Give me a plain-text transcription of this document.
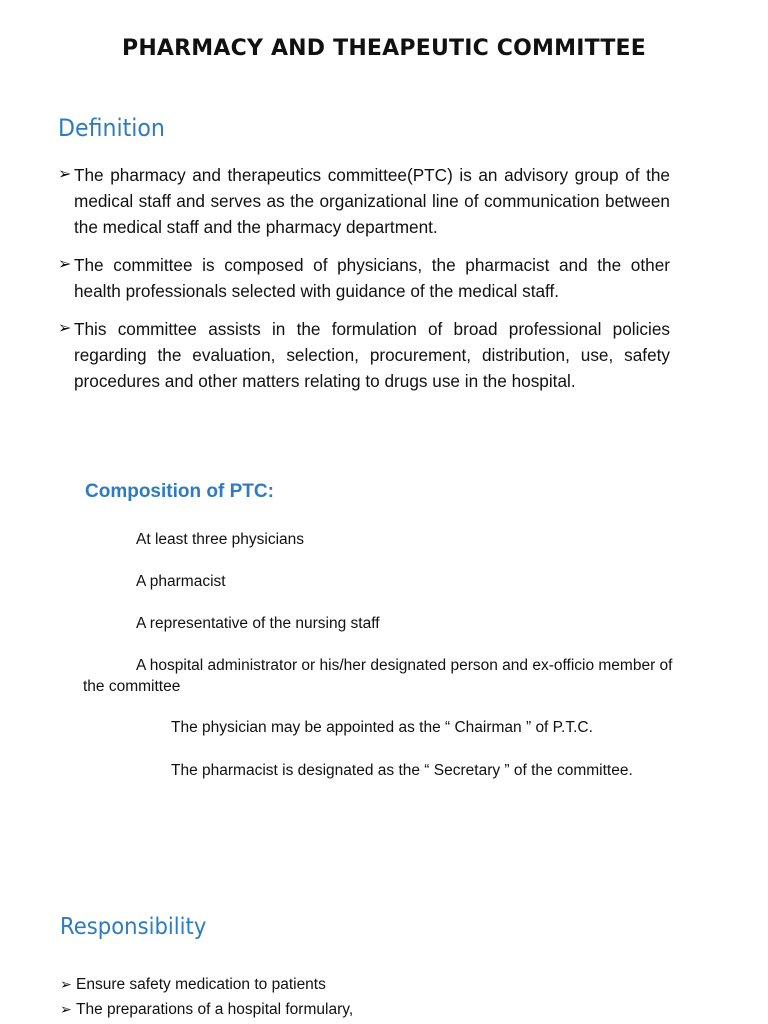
PHARMACY AND THEAPEUTIC COMMITTEE
Definition
➢ The pharmacy and therapeutics committee(PTC) is an advisory group of the medical staff and serves as the organizational line of communication between the medical staff and the pharmacy department.
➢ The committee is composed of physicians, the pharmacist and the other health professionals selected with guidance of the medical staff.
➢ This committee assists in the formulation of broad professional policies regarding the evaluation, selection, procurement, distribution, use, safety procedures and other matters relating to drugs use in the hospital.
Composition of PTC:
At least three physicians
A pharmacist
A representative of the nursing staff
A hospital administrator or his/her designated person and ex-officio member of the committee
The physician may be appointed as the “ Chairman ” of P.T.C.
The pharmacist is designated as the “ Secretary ” of the committee.
Responsibility
➢ Ensure safety medication to patients
➢ The preparations of a hospital formulary,
